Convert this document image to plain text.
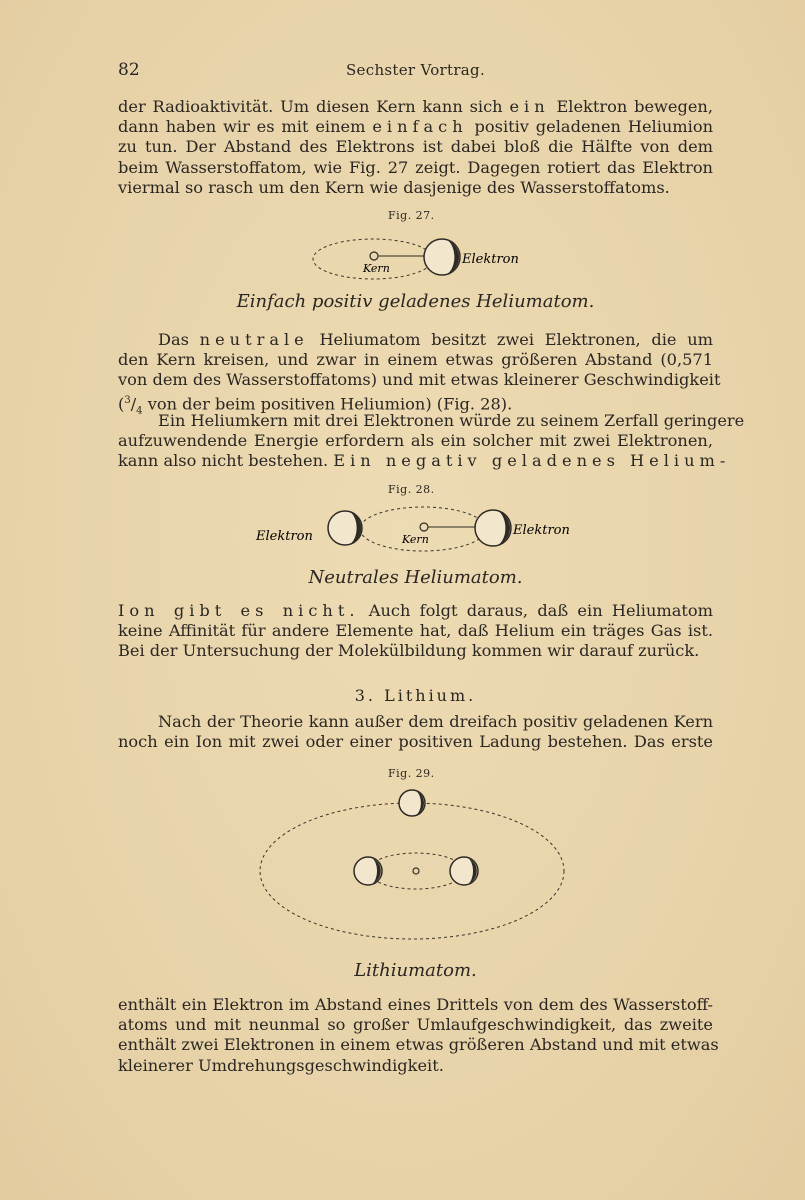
82	Sechster Vortrag.
der Radioaktivität. Um diesen Kern kann sich ein Elektron bewegen,
dann haben wir es mit einem einfach positiv geladenen Heliumion
zu tun. Der Abstand des Elektrons ist dabei bloß die Hälfte von dem
beim Wasserstoffatom, wie Fig. 27 zeigt. Dagegen rotiert das Elektron
viermal so rasch um den Kern wie dasjenige des Wasserstoffatoms.
Fig. 27.
Kern
Elektron
Einfach positiv geladenes Heliumatom.
Das neutrale Heliumatom besitzt zwei Elektronen, die um
den Kern kreisen, und zwar in einem etwas größeren Abstand (0,571
von dem des Wasserstoffatoms) und mit etwas kleinerer Geschwindigkeit
($^3/_4$ von der beim positiven Heliumion) (Fig. 28).
Ein Heliumkern mit drei Elektronen würde zu seinem Zerfall geringere
aufzuwendende Energie erfordern als ein solcher mit zwei Elektronen,
kann also nicht bestehen. Ein negativ geladenes Helium-
Fig. 28.
Elektron	Kern
Elektron
Neutrales Heliumatom.
Ion gibt es nicht. Auch folgt daraus, daß ein Heliumatom
keine Affinität für andere Elemente hat, daß Helium ein träges Gas ist.
Bei der Untersuchung der Molekülbildung kommen wir darauf zurück.
3. Lithium.
Nach der Theorie kann außer dem dreifach positiv geladenen Kern
noch ein Ion mit zwei oder einer positiven Ladung bestehen. Das erste
Fig. 29.
Lithiumatom.
enthält ein Elektron im Abstand eines Drittels von dem des Wasserstoff-
atoms und mit neunmal so großer Umlaufgeschwindigkeit, das zweite
enthält zwei Elektronen in einem etwas größeren Abstand und mit etwas
kleinerer Umdrehungsgeschwindigkeit.
